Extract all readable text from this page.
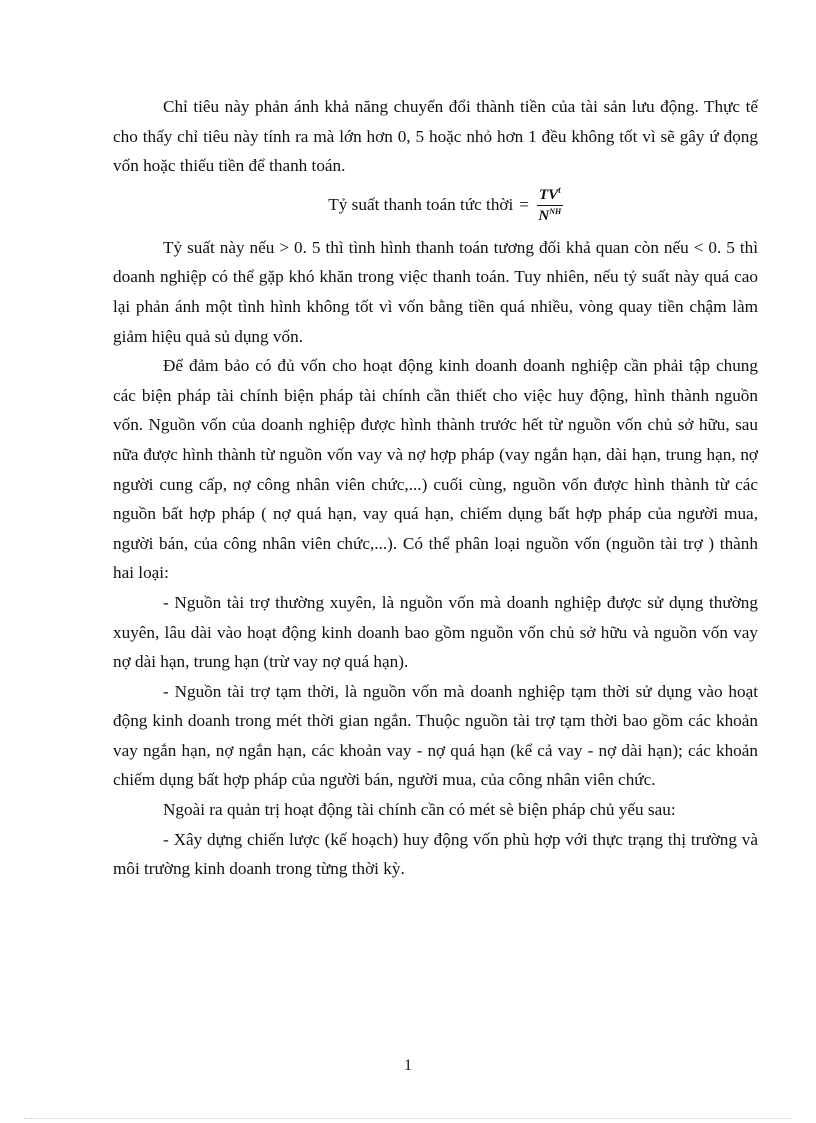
Chỉ tiêu này phản ánh khả năng chuyển đổi thành tiền của tài sản lưu động. Thực tế cho thấy chỉ tiêu này tính ra mà lớn hơn 0, 5 hoặc nhỏ hơn 1 đều không tốt vì sẽ gây ứ đọng vốn hoặc thiếu tiền để thanh toán.

Tỷ suất thanh toán tức thời = $\frac{TV^t}{N^{NH}}$

Tỷ suất này nếu > 0. 5 thì tình hình thanh toán tương đối khả quan còn nếu < 0. 5 thì doanh nghiệp có thể gặp khó khăn trong việc thanh toán. Tuy nhiên, nếu tỷ suất này quá cao lại phản ánh một tình hình không tốt vì vốn bằng tiền quá nhiều, vòng quay tiền chậm làm giảm hiệu quả sủ dụng vốn.

Để đảm bảo có đủ vốn cho hoạt động kinh doanh doanh nghiệp cần phải tập chung các biện pháp tài chính biện pháp tài chính cần thiết cho việc huy động, hình thành nguồn vốn. Nguồn vốn của doanh nghiệp được hình thành trước hết từ nguồn vốn chủ sở hữu, sau nữa được hình thành từ nguồn vốn vay và nợ hợp pháp (vay ngắn hạn, dài hạn, trung hạn, nợ người cung cấp, nợ công nhân viên chức,...) cuối cùng, nguồn vốn được hình thành từ các nguồn bất hợp pháp ( nợ quá hạn, vay quá hạn, chiếm dụng bất hợp pháp của người mua, người bán, của công nhân viên chức,...). Có thể phân loại nguồn vốn (nguồn tài trợ ) thành hai loại:

- Nguồn tài trợ thường xuyên, là nguồn vốn mà doanh nghiệp được sử dụng thường xuyên, lâu dài vào hoạt động kinh doanh bao gồm nguồn vốn chủ sở hữu và nguồn vốn vay nợ dài hạn, trung hạn (trừ vay nợ quá hạn).

- Nguồn tài trợ tạm thời, là nguồn vốn mà doanh nghiệp tạm thời sử dụng vào hoạt động kinh doanh trong mét thời gian ngắn. Thuộc nguồn tài trợ tạm thời bao gồm các khoản vay ngắn hạn, nợ ngắn hạn, các khoản vay - nợ quá hạn (kể cả vay - nợ dài hạn); các khoản chiếm dụng bất hợp pháp của người bán, người mua, của công nhân viên chức.

Ngoài ra quản trị hoạt động tài chính cần có mét sè biện pháp chủ yếu sau:

- Xây dựng chiến lược (kế hoạch) huy động vốn phù hợp với thực trạng thị trường và môi trường kinh doanh trong từng thời kỳ.

1
